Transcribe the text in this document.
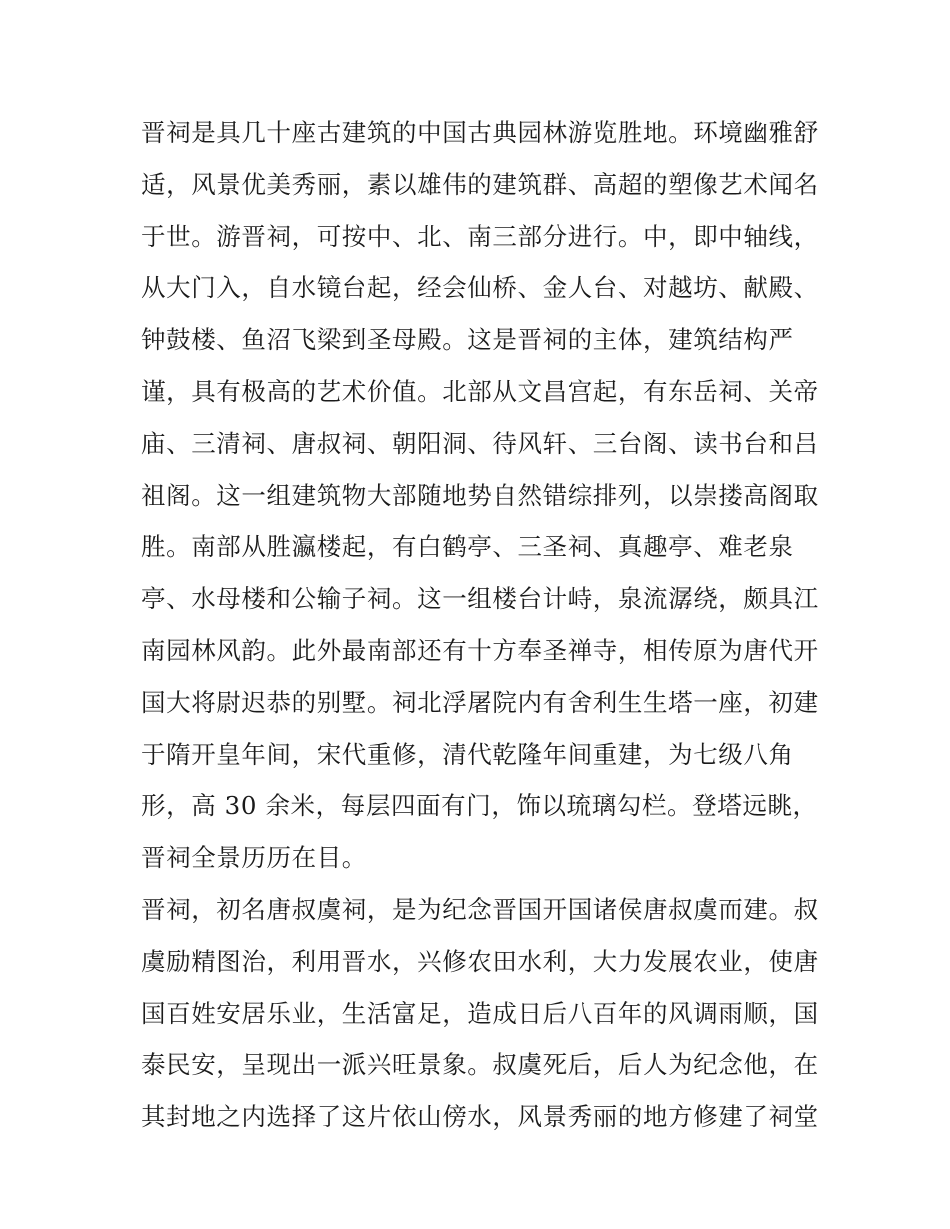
晋祠是具几十座古建筑的中国古典园林游览胜地。环境幽雅舒
适，风景优美秀丽，素以雄伟的建筑群、高超的塑像艺术闻名
于世。游晋祠，可按中、北、南三部分进行。中，即中轴线，
从大门入，自水镜台起，经会仙桥、金人台、对越坊、献殿、
钟鼓楼、鱼沼飞梁到圣母殿。这是晋祠的主体，建筑结构严
谨，具有极高的艺术价值。北部从文昌宫起，有东岳祠、关帝
庙、三清祠、唐叔祠、朝阳洞、待风轩、三台阁、读书台和吕
祖阁。这一组建筑物大部随地势自然错综排列，以崇搂高阁取
胜。南部从胜瀛楼起，有白鹤亭、三圣祠、真趣亭、难老泉
亭、水母楼和公输子祠。这一组楼台计峙，泉流潺绕，颇具江
南园林风韵。此外最南部还有十方奉圣禅寺，相传原为唐代开
国大将尉迟恭的别墅。祠北浮屠院内有舍利生生塔一座，初建
于隋开皇年间，宋代重修，清代乾隆年间重建，为七级八角
形，高 30 余米，每层四面有门，饰以琉璃勾栏。登塔远眺，
晋祠全景历历在目。
晋祠，初名唐叔虞祠，是为纪念晋国开国诸侯唐叔虞而建。叔
虞励精图治，利用晋水，兴修农田水利，大力发展农业，使唐
国百姓安居乐业，生活富足，造成日后八百年的风调雨顺，国
泰民安，呈现出一派兴旺景象。叔虞死后，后人为纪念他，在
其封地之内选择了这片依山傍水，风景秀丽的地方修建了祠堂
